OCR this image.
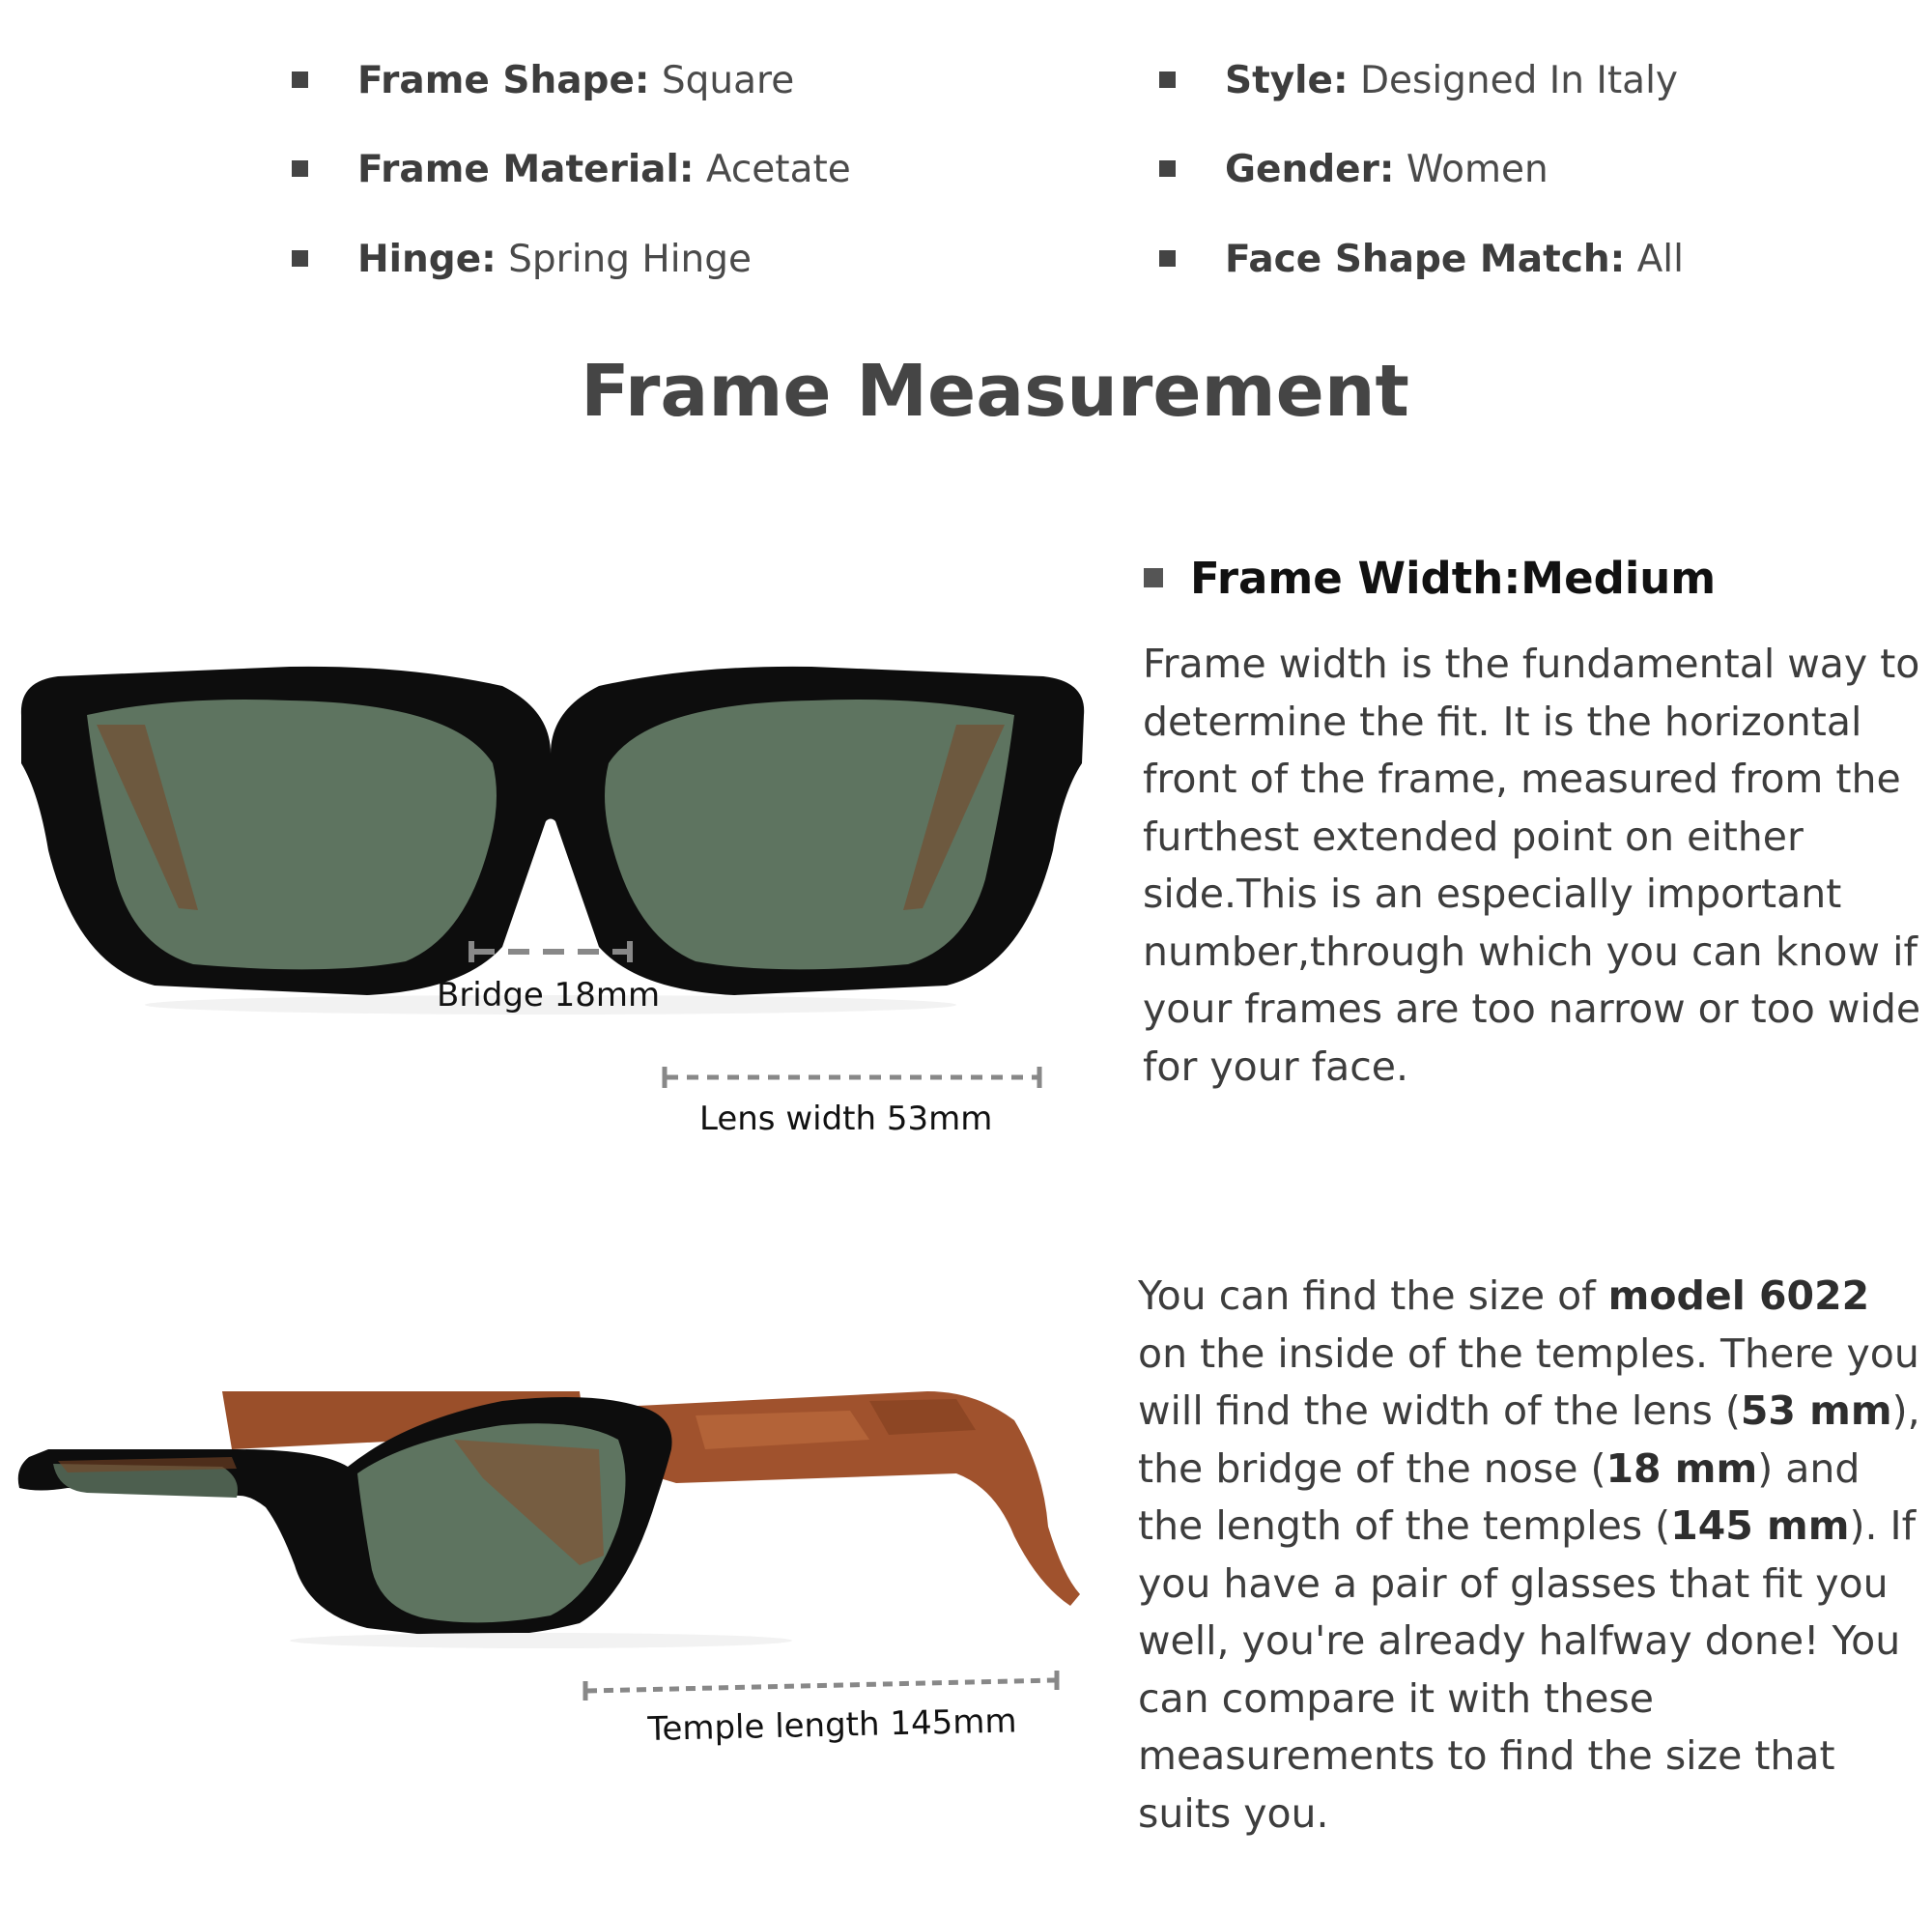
Frame Shape: Square
Frame Material: Acetate
Hinge: Spring Hinge
Style: Designed In Italy
Gender: Women
Face Shape Match: All
Frame Measurement
Bridge 18mm
Lens width 53mm
Frame Width:Medium
Frame width is the fundamental way to determine the fit. It is the horizontal front of the frame, measured from the furthest extended point on either side.This is an especially important number,through which you can know if your frames are too narrow or too wide for your face.
Temple length 145mm
You can find the size of model 6022 on the inside of the temples. There you will find the width of the lens (53 mm), the bridge of the nose (18 mm) and the length of the temples (145 mm). If you have a pair of glasses that fit you well, you're already halfway done! You can compare it with these measurements to find the size that suits you.
